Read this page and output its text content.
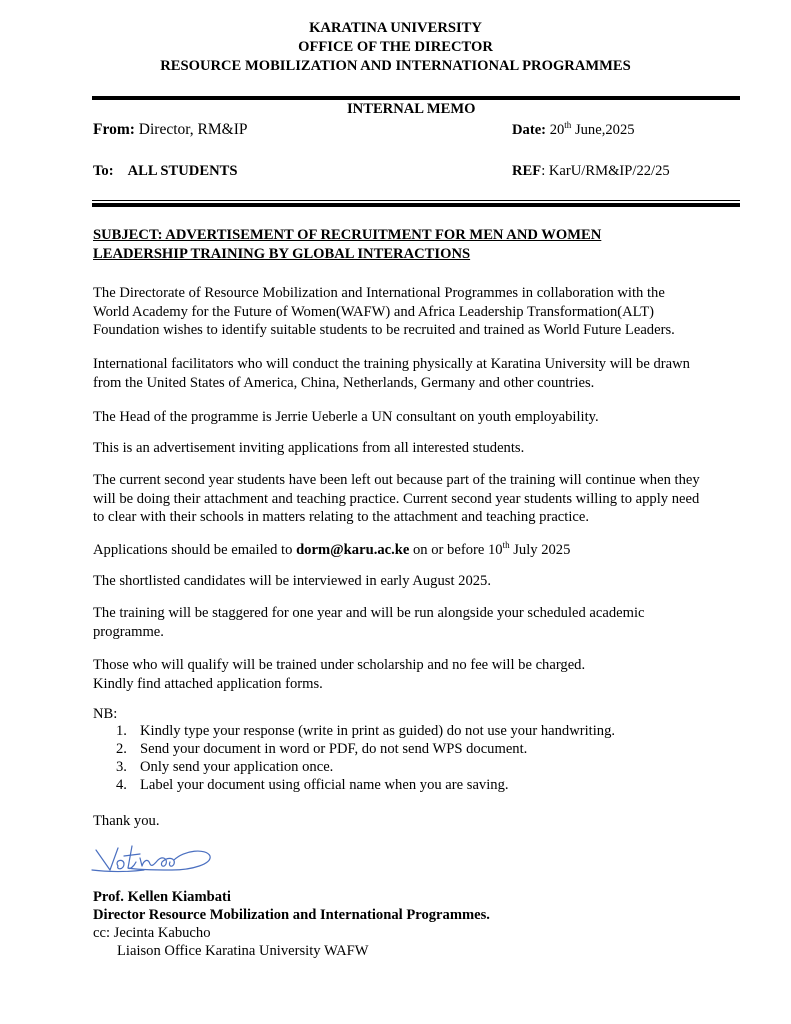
KARATINA UNIVERSITY
OFFICE OF THE DIRECTOR
RESOURCE MOBILIZATION AND INTERNATIONAL PROGRAMMES
INTERNAL MEMO
From: Director, RM&IP	Date: 20th June,2025
To: ALL STUDENTS	REF: KarU/RM&IP/22/25
SUBJECT: ADVERTISEMENT OF RECRUITMENT FOR MEN AND WOMEN
LEADERSHIP TRAINING BY GLOBAL INTERACTIONS
The Directorate of Resource Mobilization and International Programmes in collaboration with the
World Academy for the Future of Women(WAFW) and Africa Leadership Transformation(ALT)
Foundation wishes to identify suitable students to be recruited and trained as World Future Leaders.
International facilitators who will conduct the training physically at Karatina University will be drawn
from the United States of America, China, Netherlands, Germany and other countries.
The Head of the programme is Jerrie Ueberle a UN consultant on youth employability.
This is an advertisement inviting applications from all interested students.
The current second year students have been left out because part of the training will continue when they
will be doing their attachment and teaching practice. Current second year students willing to apply need
to clear with their schools in matters relating to the attachment and teaching practice.
Applications should be emailed to dorm@karu.ac.ke on or before 10th July 2025
The shortlisted candidates will be interviewed in early August 2025.
The training will be staggered for one year and will be run alongside your scheduled academic
programme.
Those who will qualify will be trained under scholarship and no fee will be charged.
Kindly find attached application forms.
NB:
1. Kindly type your response (write in print as guided) do not use your handwriting.
2. Send your document in word or PDF, do not send WPS document.
3. Only send your application once.
4. Label your document using official name when you are saving.
Thank you.
Prof. Kellen Kiambati
Director Resource Mobilization and International Programmes.
cc: Jecinta Kabucho
Liaison Office Karatina University WAFW
